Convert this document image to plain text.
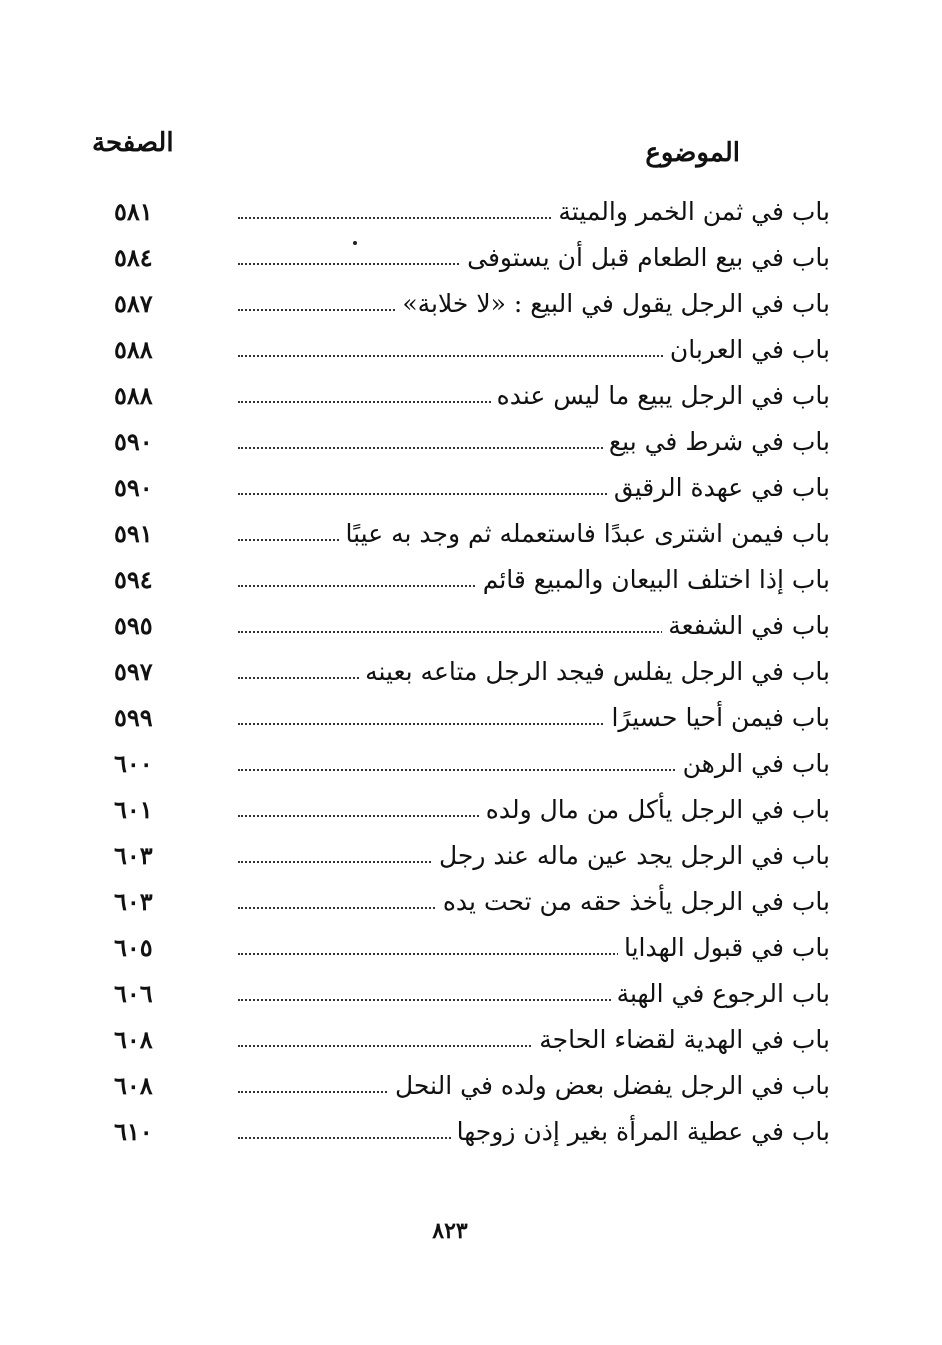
الموضوع
الصفحة
باب في ثمن الخمر والميتة
٥٨١
باب في بيع الطعام قبل أن يستوفى
٥٨٤
باب في الرجل يقول في البيع : «لا خلابة»
٥٨٧
باب في العربان
٥٨٨
باب في الرجل يبيع ما ليس عنده
٥٨٨
باب في شرط في بيع
٥٩٠
باب في عهدة الرقيق
٥٩٠
باب فيمن اشترى عبدًا فاستعمله ثم وجد به عيبًا
٥٩١
باب إذا اختلف البيعان والمبيع قائم
٥٩٤
باب في الشفعة
٥٩٥
باب في الرجل يفلس فيجد الرجل متاعه بعينه
٥٩٧
باب فيمن أحيا حسيرًا
٥٩٩
باب في الرهن
٦٠٠
باب في الرجل يأكل من مال ولده
٦٠١
باب في الرجل يجد عين ماله عند رجل
٦٠٣
باب في الرجل يأخذ حقه من تحت يده
٦٠٣
باب في قبول الهدايا
٦٠٥
باب الرجوع في الهبة
٦٠٦
باب في الهدية لقضاء الحاجة
٦٠٨
باب في الرجل يفضل بعض ولده في النحل
٦٠٨
باب في عطية المرأة بغير إذن زوجها
٦١٠
٨٢٣
